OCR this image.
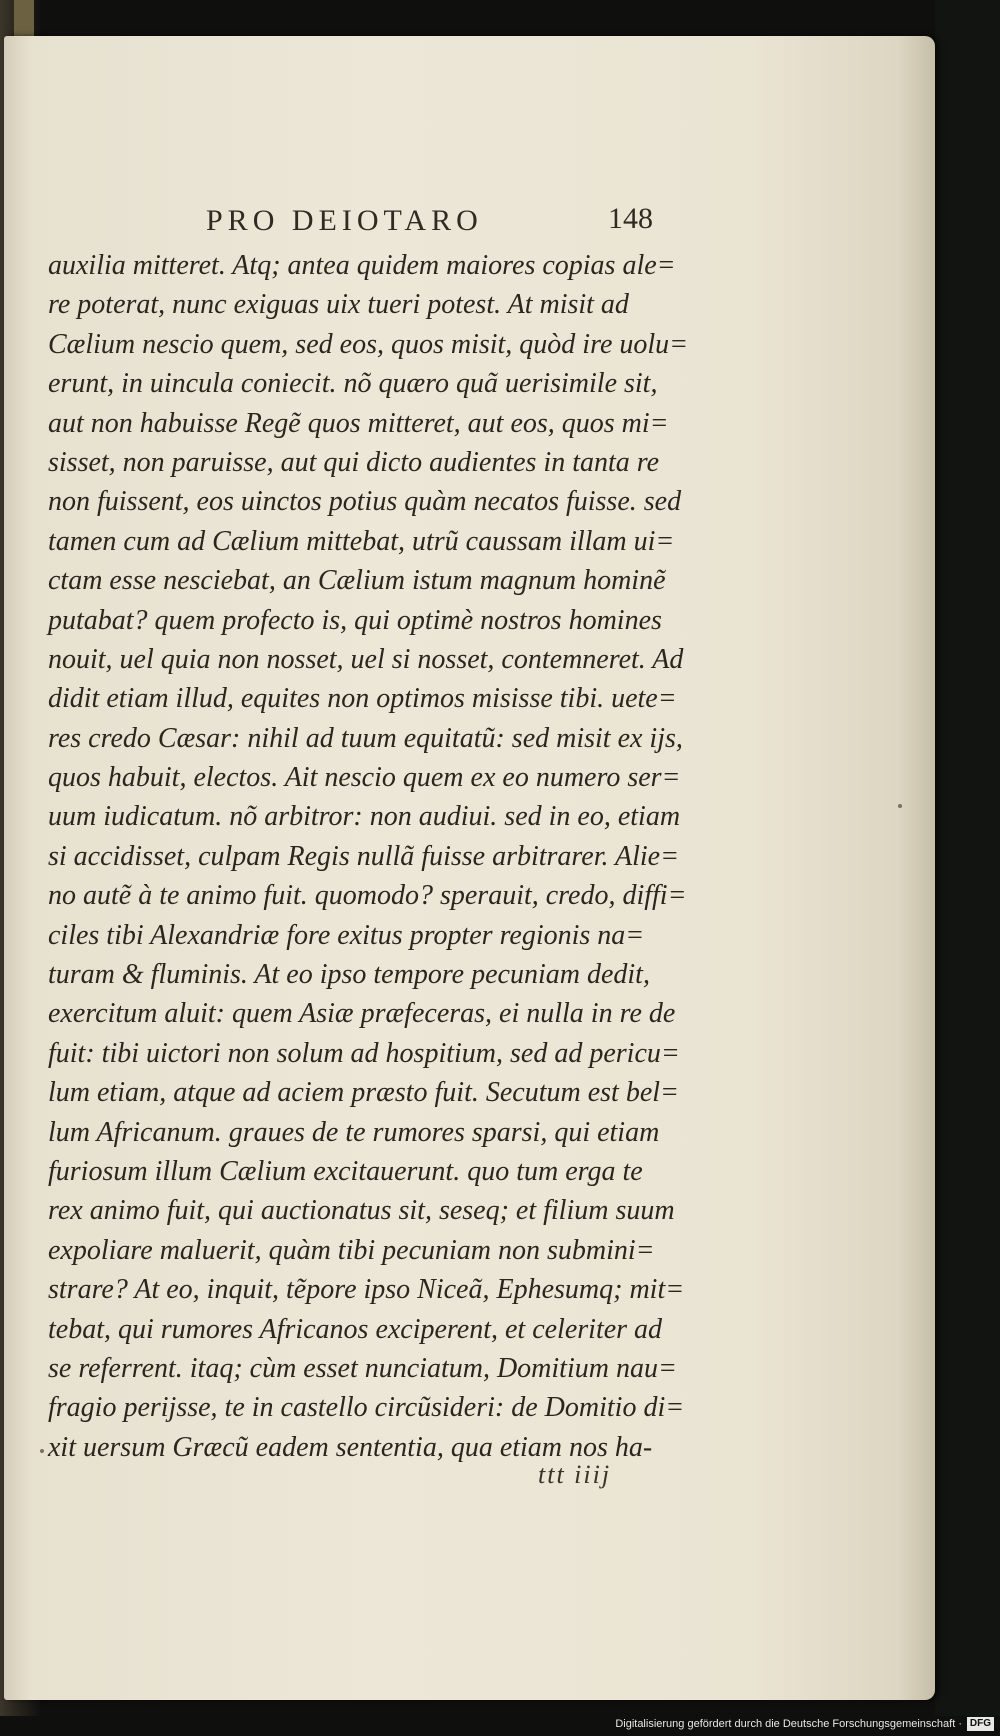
PRO DEIOTARO	148
auxilia mitteret. Atq; antea quidem maiores copias ale=
re poterat, nunc exiguas uix tueri potest. At misit ad
Cælium nescio quem, sed eos, quos misit, quòd ire uolu=
erunt, in uincula coniecit. nõ quæro quã uerisimile sit,
aut non habuisse Regẽ quos mitteret, aut eos, quos mi=
sisset, non paruisse, aut qui dicto audientes in tanta re
non fuissent, eos uinctos potius quàm necatos fuisse. sed
tamen cum ad Cælium mittebat, utrũ caussam illam ui=
ctam esse nesciebat, an Cælium istum magnum hominẽ
putabat? quem profecto is, qui optimè nostros homines
nouit, uel quia non nosset, uel si nosset, contemneret. Ad
didit etiam illud, equites non optimos misisse tibi. uete=
res credo Cæsar: nihil ad tuum equitatũ: sed misit ex ijs,
quos habuit, electos. Ait nescio quem ex eo numero ser=
uum iudicatum. nõ arbitror: non audiui. sed in eo, etiam
si accidisset, culpam Regis nullã fuisse arbitrarer. Alie=
no autẽ à te animo fuit. quomodo? sperauit, credo, diffi=
ciles tibi Alexandriæ fore exitus propter regionis na=
turam & fluminis. At eo ipso tempore pecuniam dedit,
exercitum aluit: quem Asiæ præfeceras, ei nulla in re de
fuit: tibi uictori non solum ad hospitium, sed ad pericu=
lum etiam, atque ad aciem præsto fuit. Secutum est bel=
lum Africanum. graues de te rumores sparsi, qui etiam
furiosum illum Cælium excitauerunt. quo tum erga te
rex animo fuit, qui auctionatus sit, seseq; et filium suum
expoliare maluerit, quàm tibi pecuniam non submini=
strare? At eo, inquit, tẽpore ipso Niceã, Ephesumq; mit=
tebat, qui rumores Africanos exciperent, et celeriter ad
se referrent. itaq; cùm esset nunciatum, Domitium nau=
fragio perijsse, te in castello circũsideri: de Domitio di=
xit uersum Græcũ eadem sententia, qua etiam nos ha-
ttt iiij
Digitalisierung gefördert durch die Deutsche Forschungsgemeinschaft · DFG
